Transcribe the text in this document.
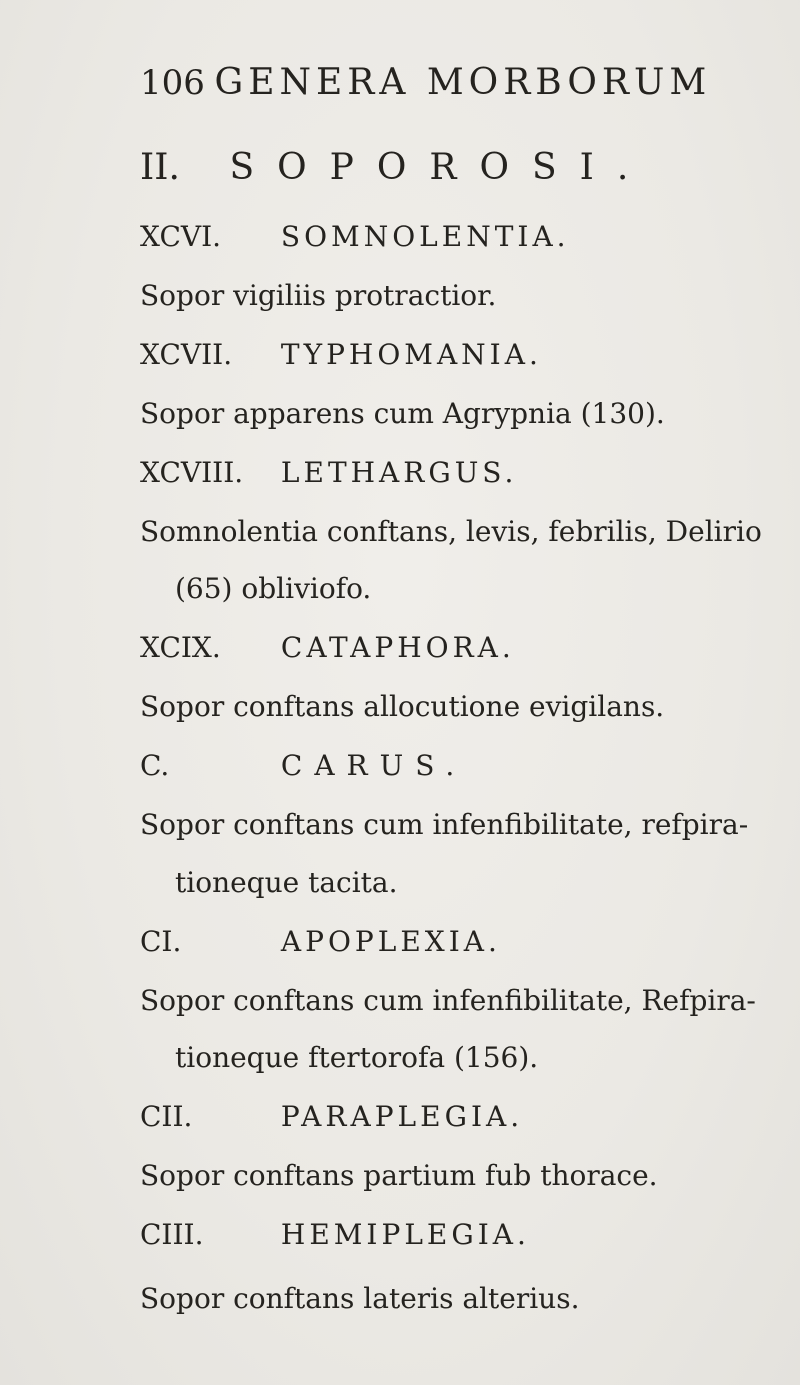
106 GENERA MORBORUM
II. SOPOROSI.
XCVI. SOMNOLENTIA.
Sopor vigiliis protractior.
XCVII. TYPHOMANIA.
Sopor apparens cum Agrypnia (130).
XCVIII. LETHARGUS.
Somnolentia conftans, levis, febrilis, Delirio
(65) obliviofo.
XCIX. CATAPHORA.
Sopor conftans allocutione evigilans.
C.	CARUS.
Sopor conftans cum infenfibilitate, refpira-
tioneque tacita.
CI.	APOPLEXIA.
Sopor conftans cum infenfibilitate, Refpira-
tioneque ftertorofa (156).
CII.	PARAPLEGIA.
Sopor conftans partium fub thorace.
CIII.	HEMIPLEGIA.
Sopor conftans lateris alterius.
